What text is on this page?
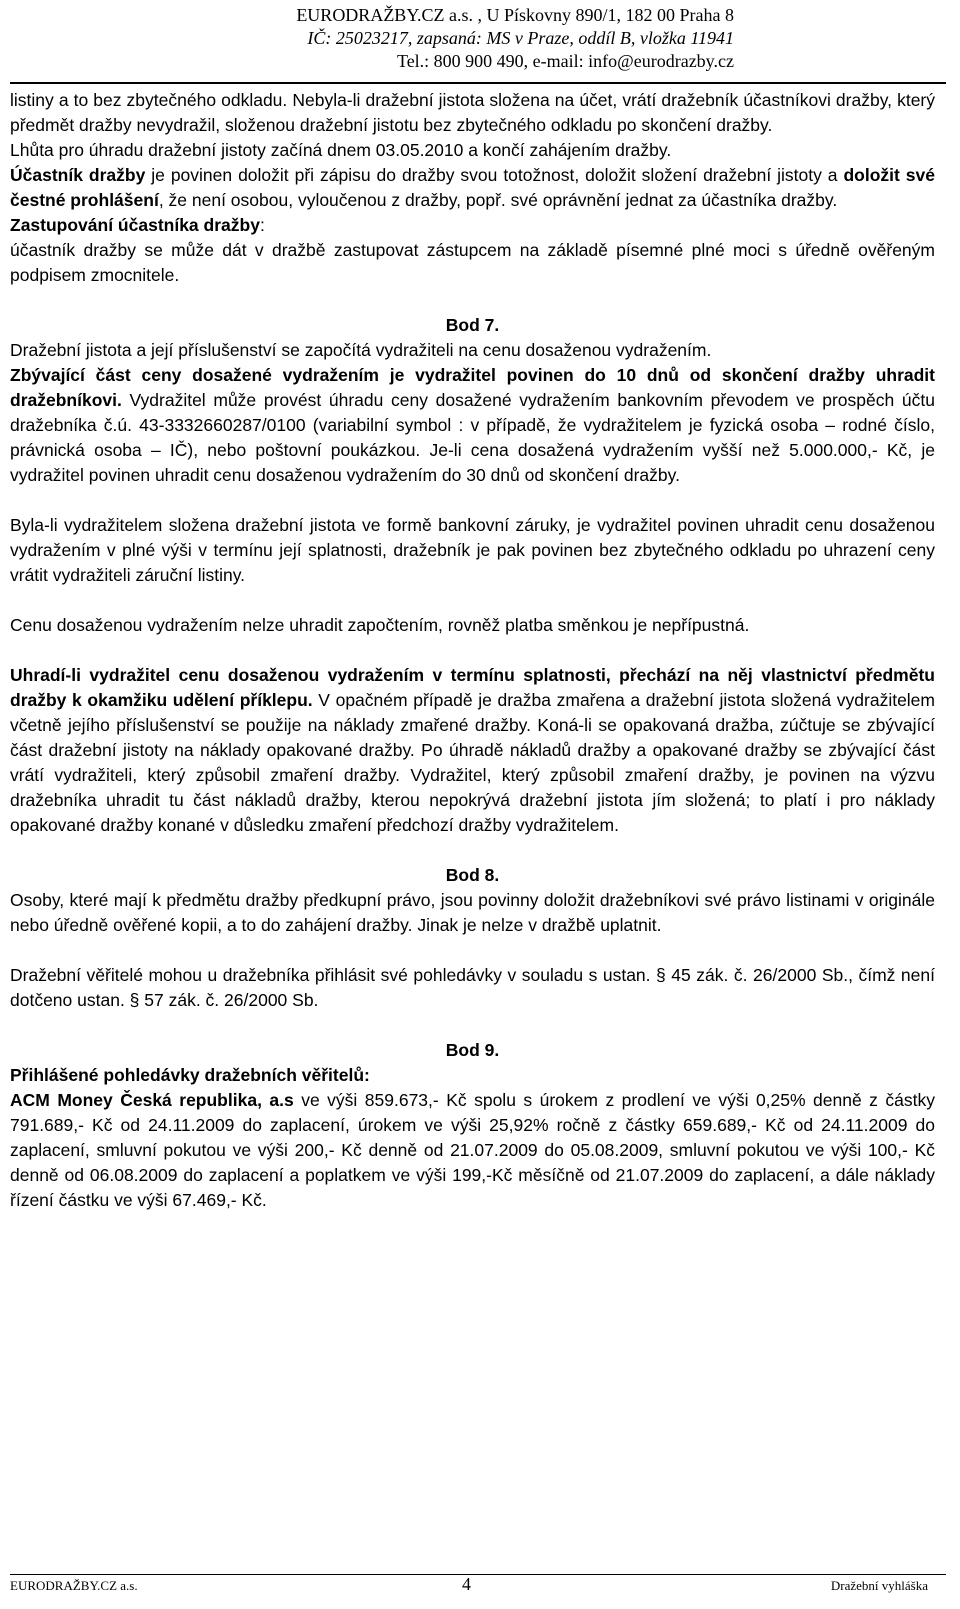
EURODRAŽBY.CZ a.s. , U Pískovny 890/1, 182 00 Praha 8
IČ: 25023217, zapsaná: MS v Praze, oddíl B, vložka 11941
Tel.: 800 900 490, e-mail: info@eurodrazby.cz

listiny a to bez zbytečného odkladu. Nebyla-li dražební jistota složena na účet, vrátí dražebník účastníkovi dražby, který předmět dražby nevydražil, složenou dražební jistotu bez zbytečného odkladu po skončení dražby.

Lhůta pro úhradu dražební jistoty začíná dnem 03.05.2010 a končí zahájením dražby.

Účastník dražby je povinen doložit při zápisu do dražby svou totožnost, doložit složení dražební jistoty a doložit své čestné prohlášení, že není osobou, vyloučenou z dražby, popř. své oprávnění jednat za účastníka dražby.

Zastupování účastníka dražby:

účastník dražby se může dát v dražbě zastupovat zástupcem na základě písemné plné moci s úředně ověřeným podpisem zmocnitele.

Bod 7.

Dražební jistota a její příslušenství se započítá vydražiteli na cenu dosaženou vydražením.

Zbývající část ceny dosažené vydražením je vydražitel povinen do 10 dnů od skončení dražby uhradit dražebníkovi. Vydražitel může provést úhradu ceny dosažené vydražením bankovním převodem ve prospěch účtu dražebníka č.ú. 43-3332660287/0100 (variabilní symbol : v případě, že vydražitelem je fyzická osoba – rodné číslo, právnická osoba – IČ), nebo poštovní poukázkou. Je-li cena dosažená vydražením vyšší než 5.000.000,- Kč, je vydražitel povinen uhradit cenu dosaženou vydražením do 30 dnů od skončení dražby.

Byla-li vydražitelem složena dražební jistota ve formě bankovní záruky, je vydražitel povinen uhradit cenu dosaženou vydražením v plné výši v termínu její splatnosti, dražebník je pak povinen bez zbytečného odkladu po uhrazení ceny vrátit vydražiteli záruční listiny.

Cenu dosaženou vydražením nelze uhradit započtením, rovněž platba směnkou je nepřípustná.

Uhradí-li vydražitel cenu dosaženou vydražením v termínu splatnosti, přechází na něj vlastnictví předmětu dražby k okamžiku udělení příklepu. V opačném případě je dražba zmařena a dražební jistota složená vydražitelem včetně jejího příslušenství se použije na náklady zmařené dražby. Koná-li se opakovaná dražba, zúčtuje se zbývající část dražební jistoty na náklady opakované dražby. Po úhradě nákladů dražby a opakované dražby se zbývající část vrátí vydražiteli, který způsobil zmaření dražby. Vydražitel, který způsobil zmaření dražby, je povinen na výzvu dražebníka uhradit tu část nákladů dražby, kterou nepokrývá dražební jistota jím složená; to platí i pro náklady opakované dražby konané v důsledku zmaření předchozí dražby vydražitelem.

Bod 8.

Osoby, které mají k předmětu dražby předkupní právo, jsou povinny doložit dražebníkovi své právo listinami v originále nebo úředně ověřené kopii, a to do zahájení dražby. Jinak je nelze v dražbě uplatnit.

Dražební věřitelé mohou u dražebníka přihlásit své pohledávky v souladu s ustan. § 45 zák. č. 26/2000 Sb., čímž není dotčeno ustan. § 57 zák. č. 26/2000 Sb.

Bod 9.

Přihlášené pohledávky dražebních věřitelů:

ACM Money Česká republika, a.s ve výši 859.673,- Kč spolu s úrokem z prodlení ve výši 0,25% denně z částky 791.689,- Kč od 24.11.2009 do zaplacení, úrokem ve výši 25,92% ročně z částky 659.689,- Kč od 24.11.2009 do zaplacení, smluvní pokutou ve výši 200,- Kč denně od 21.07.2009 do 05.08.2009, smluvní pokutou ve výši 100,- Kč denně od 06.08.2009 do zaplacení a poplatkem ve výši 199,-Kč měsíčně od 21.07.2009 do zaplacení, a dále náklady řízení částku ve výši 67.469,- Kč.

EURODRAŽBY.CZ a.s.	4	Dražební vyhláška
